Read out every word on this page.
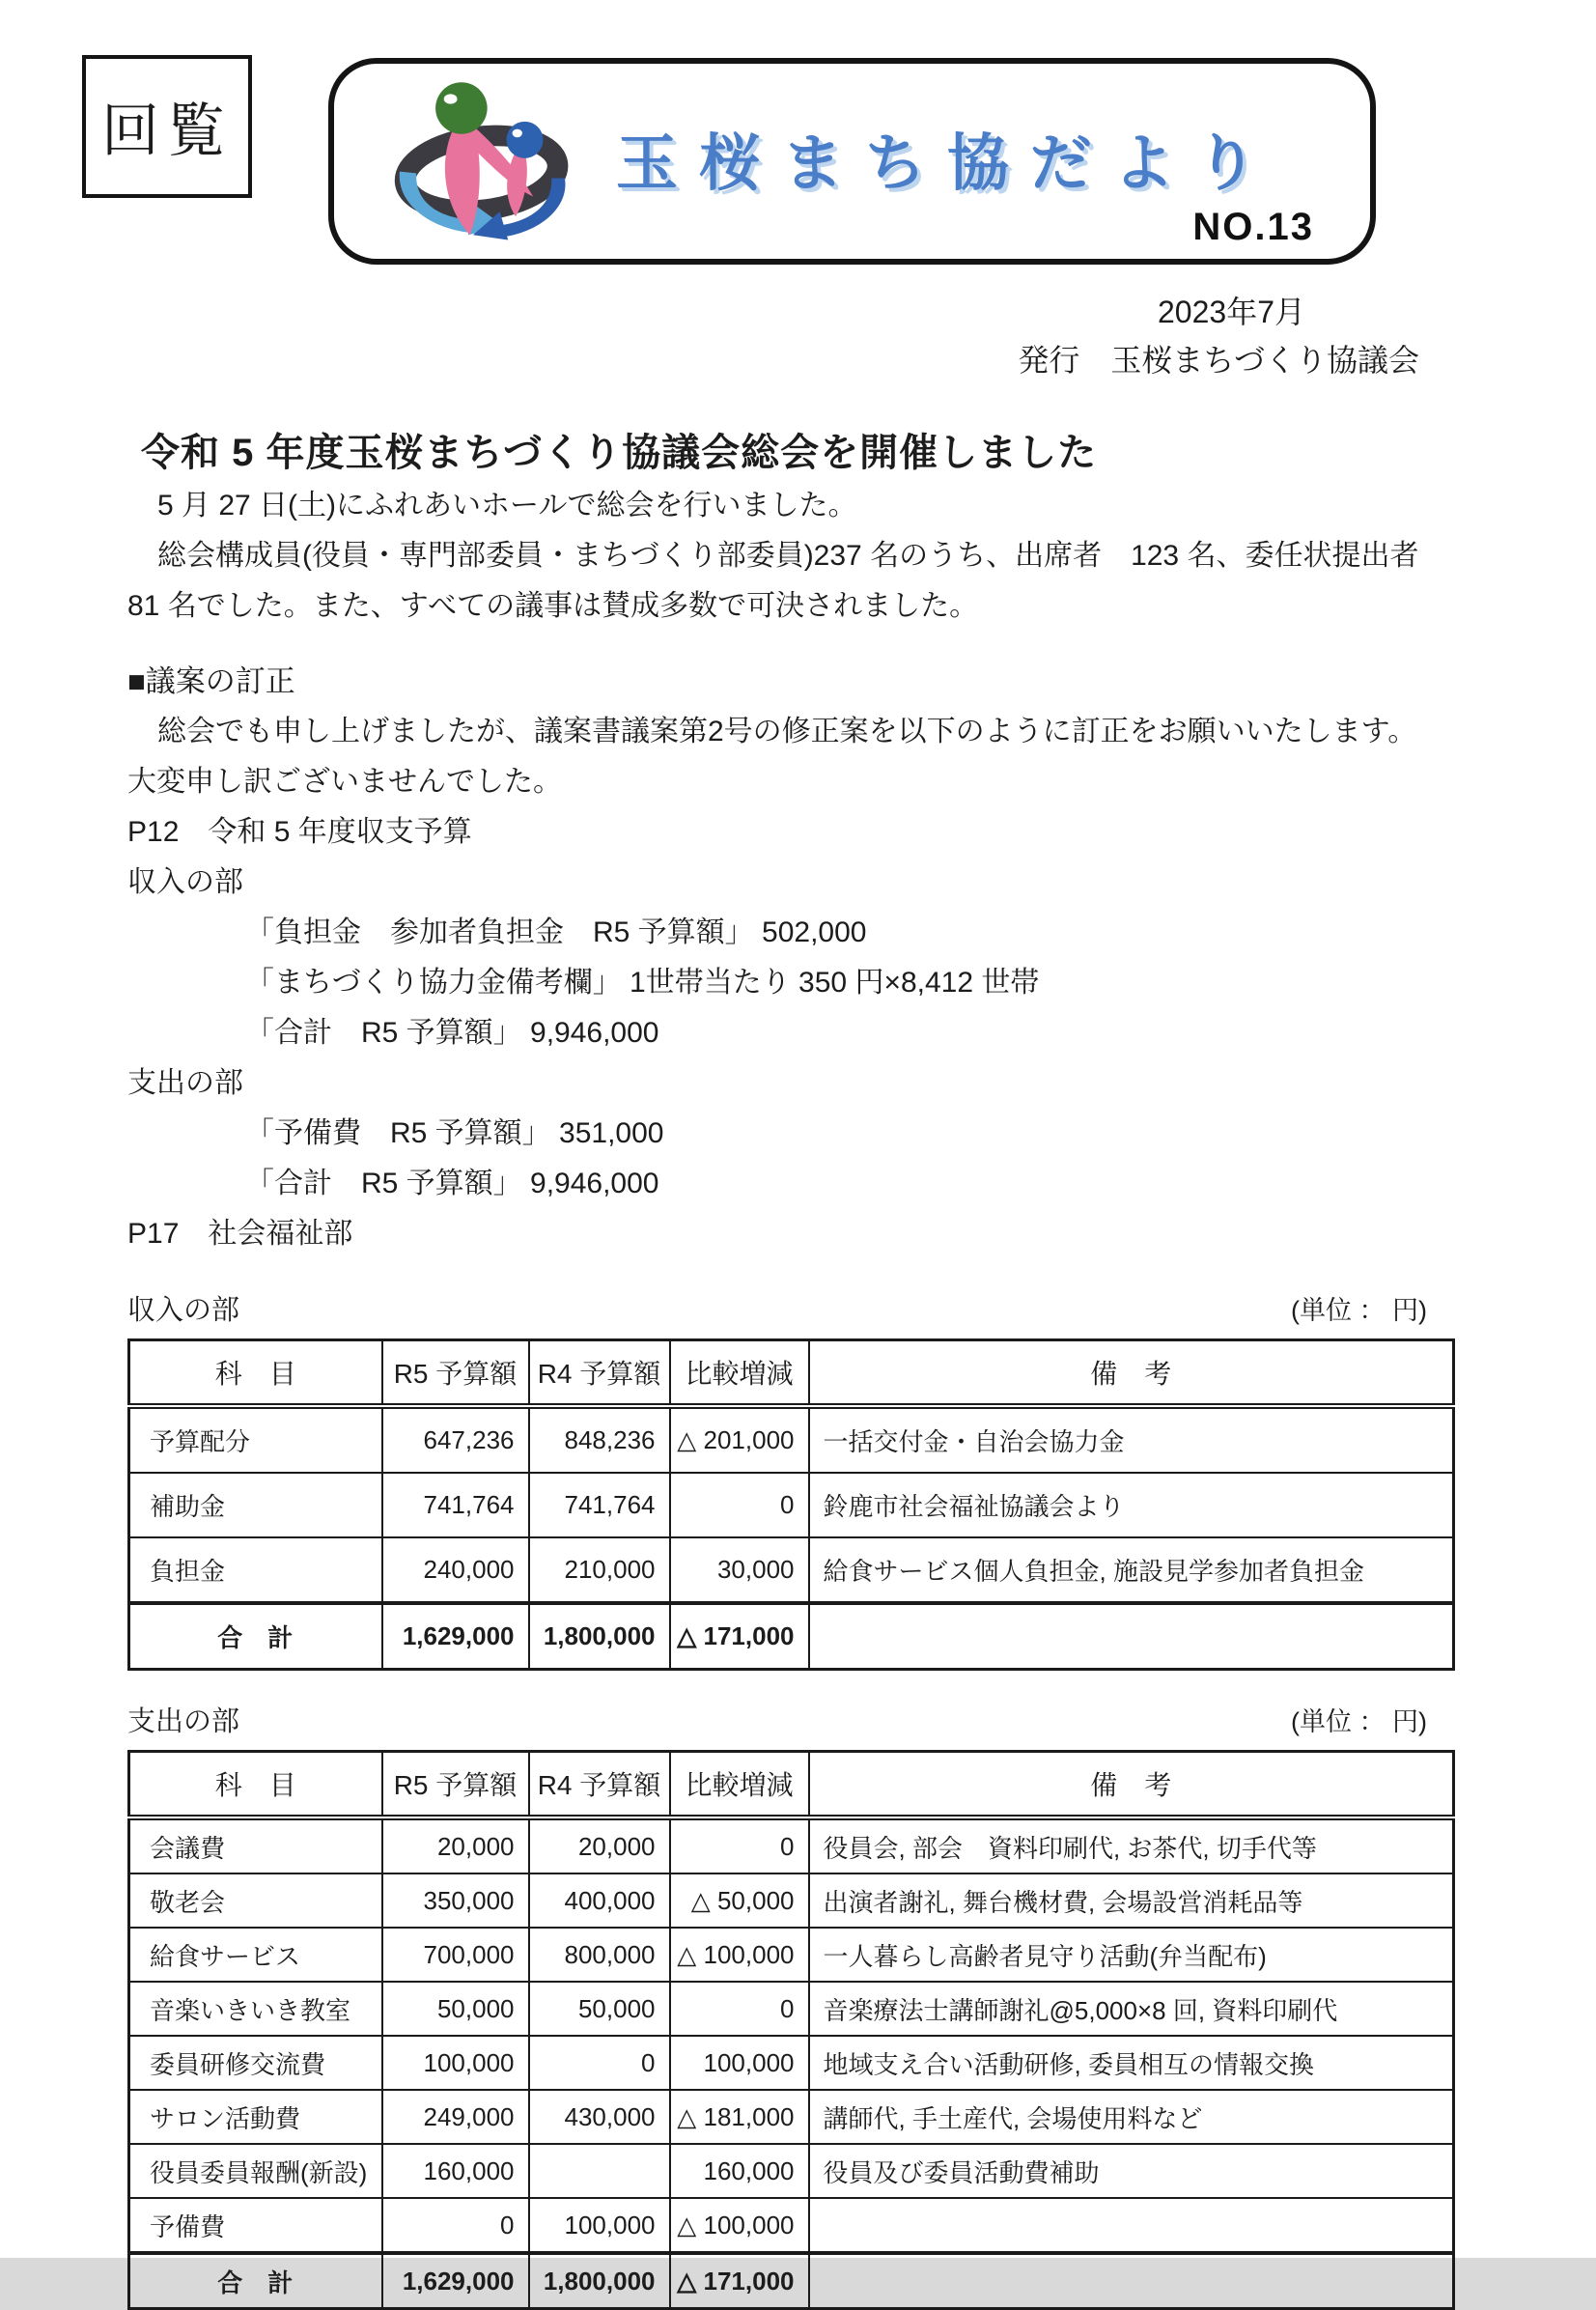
回覧	玉桜まち協だより
NO.13
2023年7月
発行　玉桜まちづくり協議会
令和 5 年度玉桜まちづくり協議会総会を開催しました
5 月 27 日(土)にふれあいホールで総会を行いました。
総会構成員(役員・専門部委員・まちづくり部委員)237 名のうち、出席者　123 名、委任状提出者
81 名でした。また、すべての議事は賛成多数で可決されました。
■議案の訂正
総会でも申し上げましたが、議案書議案第2号の修正案を以下のように訂正をお願いいたします。
大変申し訳ございませんでした。
P12　令和 5 年度収支予算
収入の部
「負担金　参加者負担金　R5 予算額」 502,000
「まちづくり協力金備考欄」 1世帯当たり 350 円×8,412 世帯
「合計　R5 予算額」 9,946,000
支出の部
「予備費　R5 予算額」 351,000
「合計　R5 予算額」 9,946,000
P17　社会福祉部
収入の部	(単位 ： 円)
科　目	R5 予算額	R4 予算額	比較増減	備　考
予算配分	647,236	848,236	△ 201,000	一括交付金・自治会協力金
補助金	741,764	741,764	0	鈴鹿市社会福祉協議会より
負担金	240,000	210,000	30,000	給食サービス個人負担金, 施設見学参加者負担金
合　計	1,629,000	1,800,000	△ 171,000	
支出の部	(単位 ： 円)
科　目	R5 予算額	R4 予算額	比較増減	備　考
会議費	20,000	20,000	0	役員会, 部会　資料印刷代, お茶代, 切手代等
敬老会	350,000	400,000	△ 50,000	出演者謝礼, 舞台機材費, 会場設営消耗品等
給食サービス	700,000	800,000	△ 100,000	一人暮らし高齢者見守り活動(弁当配布)
音楽いきいき教室	50,000	50,000	0	音楽療法士講師謝礼@5,000×8 回, 資料印刷代
委員研修交流費	100,000	0	100,000	地域支え合い活動研修, 委員相互の情報交換
サロン活動費	249,000	430,000	△ 181,000	講師代, 手土産代, 会場使用料など
役員委員報酬(新設)	160,000		160,000	役員及び委員活動費補助
予備費	0	100,000	△ 100,000	
合　計	1,629,000	1,800,000	△ 171,000	
